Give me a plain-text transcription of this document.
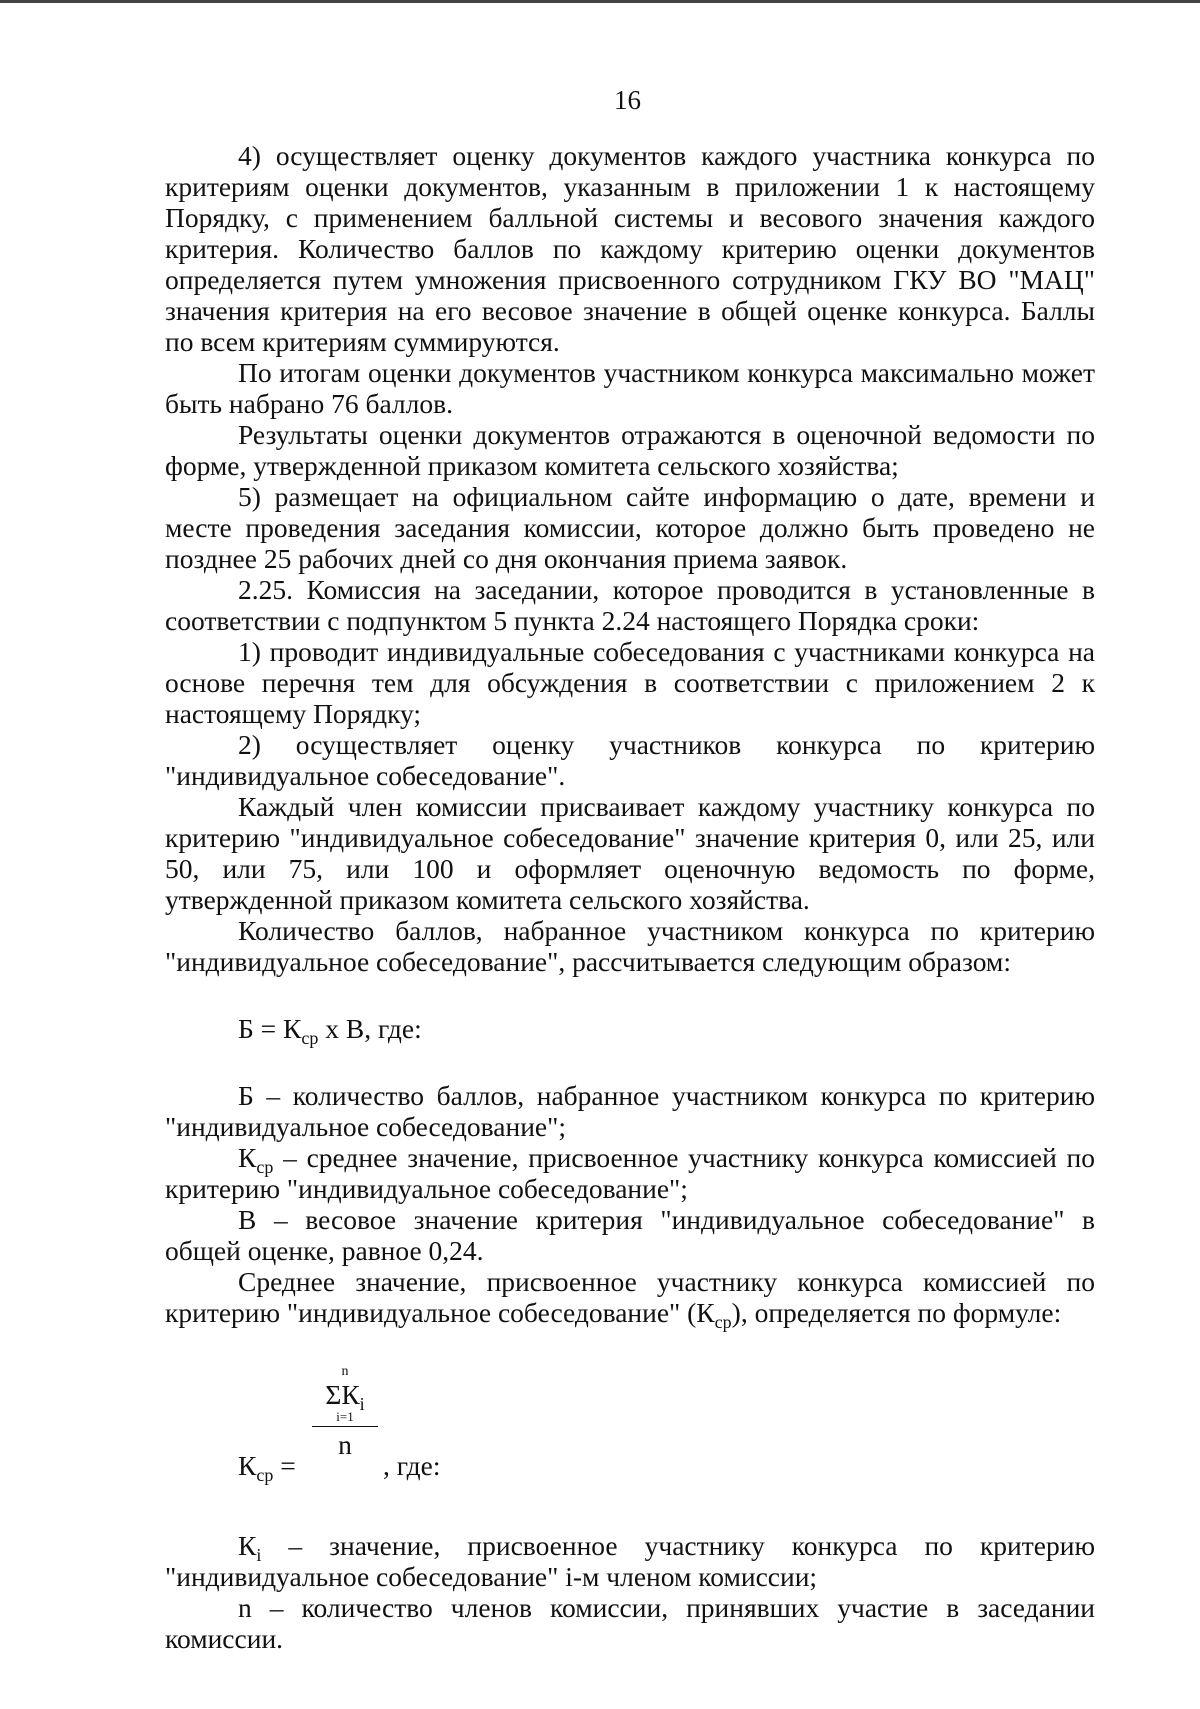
16

4) осуществляет оценку документов каждого участника конкурса по критериям оценки документов, указанным в приложении 1 к настоящему Порядку, с применением балльной системы и весового значения каждого критерия. Количество баллов по каждому критерию оценки документов определяется путем умножения присвоенного сотрудником ГКУ ВО "МАЦ" значения критерия на его весовое значение в общей оценке конкурса. Баллы по всем критериям суммируются.

По итогам оценки документов участником конкурса максимально может быть набрано 76 баллов.

Результаты оценки документов отражаются в оценочной ведомости по форме, утвержденной приказом комитета сельского хозяйства;

5) размещает на официальном сайте информацию о дате, времени и месте проведения заседания комиссии, которое должно быть проведено не позднее 25 рабочих дней со дня окончания приема заявок.

2.25. Комиссия на заседании, которое проводится в установленные в соответствии с подпунктом 5 пункта 2.24 настоящего Порядка сроки:

1) проводит индивидуальные собеседования с участниками конкурса на основе перечня тем для обсуждения в соответствии с приложением 2 к настоящему Порядку;

2) осуществляет оценку участников конкурса по критерию "индивидуальное собеседование".

Каждый член комиссии присваивает каждому участнику конкурса по критерию "индивидуальное собеседование" значение критерия 0, или 25, или 50, или 75, или 100 и оформляет оценочную ведомость по форме, утвержденной приказом комитета сельского хозяйства.

Количество баллов, набранное участником конкурса по критерию "индивидуальное собеседование", рассчитывается следующим образом:

$Б = К_{ср}$ х В, где:

Б – количество баллов, набранное участником конкурса по критерию "индивидуальное собеседование";

$К_{ср}$ – среднее значение, присвоенное участнику конкурса комиссией по критерию "индивидуальное собеседование";

В – весовое значение критерия "индивидуальное собеседование" в общей оценке, равное 0,24.

Среднее значение, присвоенное участнику конкурса комиссией по критерию "индивидуальное собеседование" $(К_{ср})$, определяется по формуле:

$К_{ср}$ =
n
$\Sigma К_i$
i=1
n
, где:

$К_i$ – значение, присвоенное участнику конкурса по критерию "индивидуальное собеседование" i-м членом комиссии;

n – количество членов комиссии, принявших участие в заседании комиссии.
